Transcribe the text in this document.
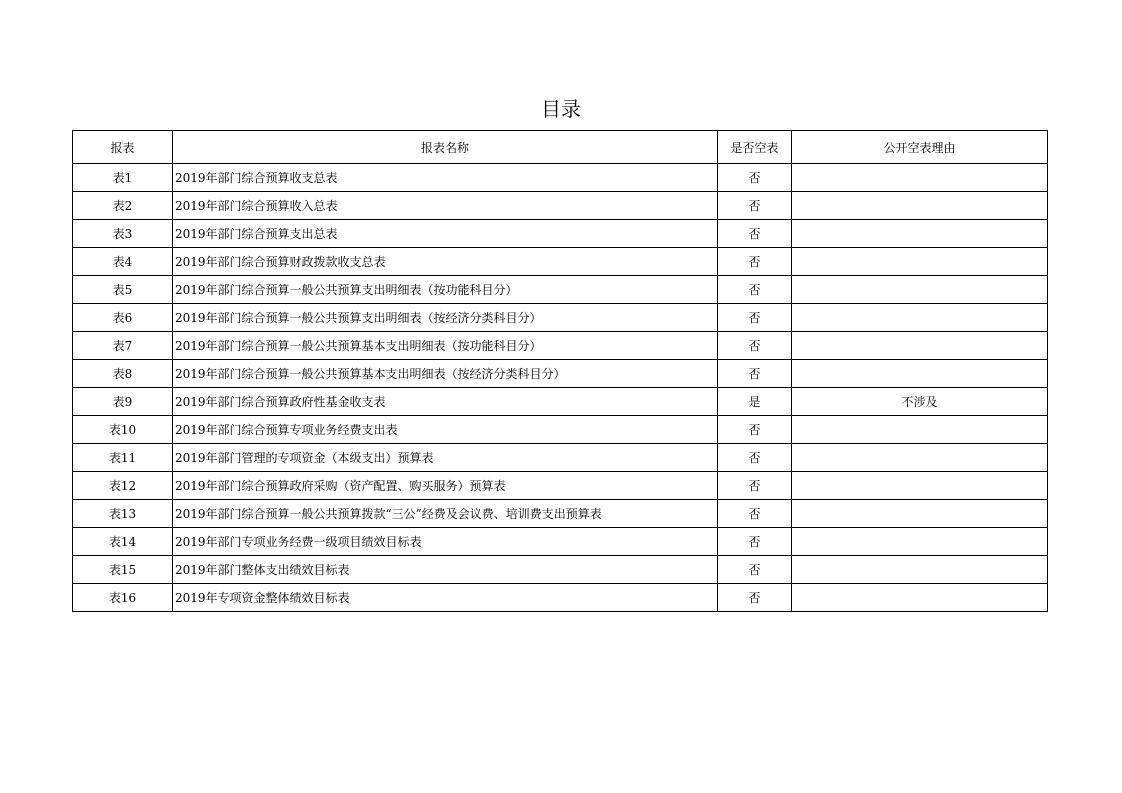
目录
报表	报表名称	是否空表	公开空表理由
表1	2019年部门综合预算收支总表	否	
表2	2019年部门综合预算收入总表	否	
表3	2019年部门综合预算支出总表	否	
表4	2019年部门综合预算财政拨款收支总表	否	
表5	2019年部门综合预算一般公共预算支出明细表（按功能科目分）	否	
表6	2019年部门综合预算一般公共预算支出明细表（按经济分类科目分）	否	
表7	2019年部门综合预算一般公共预算基本支出明细表（按功能科目分）	否	
表8	2019年部门综合预算一般公共预算基本支出明细表（按经济分类科目分）	否	
表9	2019年部门综合预算政府性基金收支表	是	不涉及
表10	2019年部门综合预算专项业务经费支出表	否	
表11	2019年部门管理的专项资金（本级支出）预算表	否	
表12	2019年部门综合预算政府采购（资产配置、购买服务）预算表	否	
表13	2019年部门综合预算一般公共预算拨款“三公”经费及会议费、培训费支出预算表	否	
表14	2019年部门专项业务经费一级项目绩效目标表	否	
表15	2019年部门整体支出绩效目标表	否	
表16	2019年专项资金整体绩效目标表	否	
